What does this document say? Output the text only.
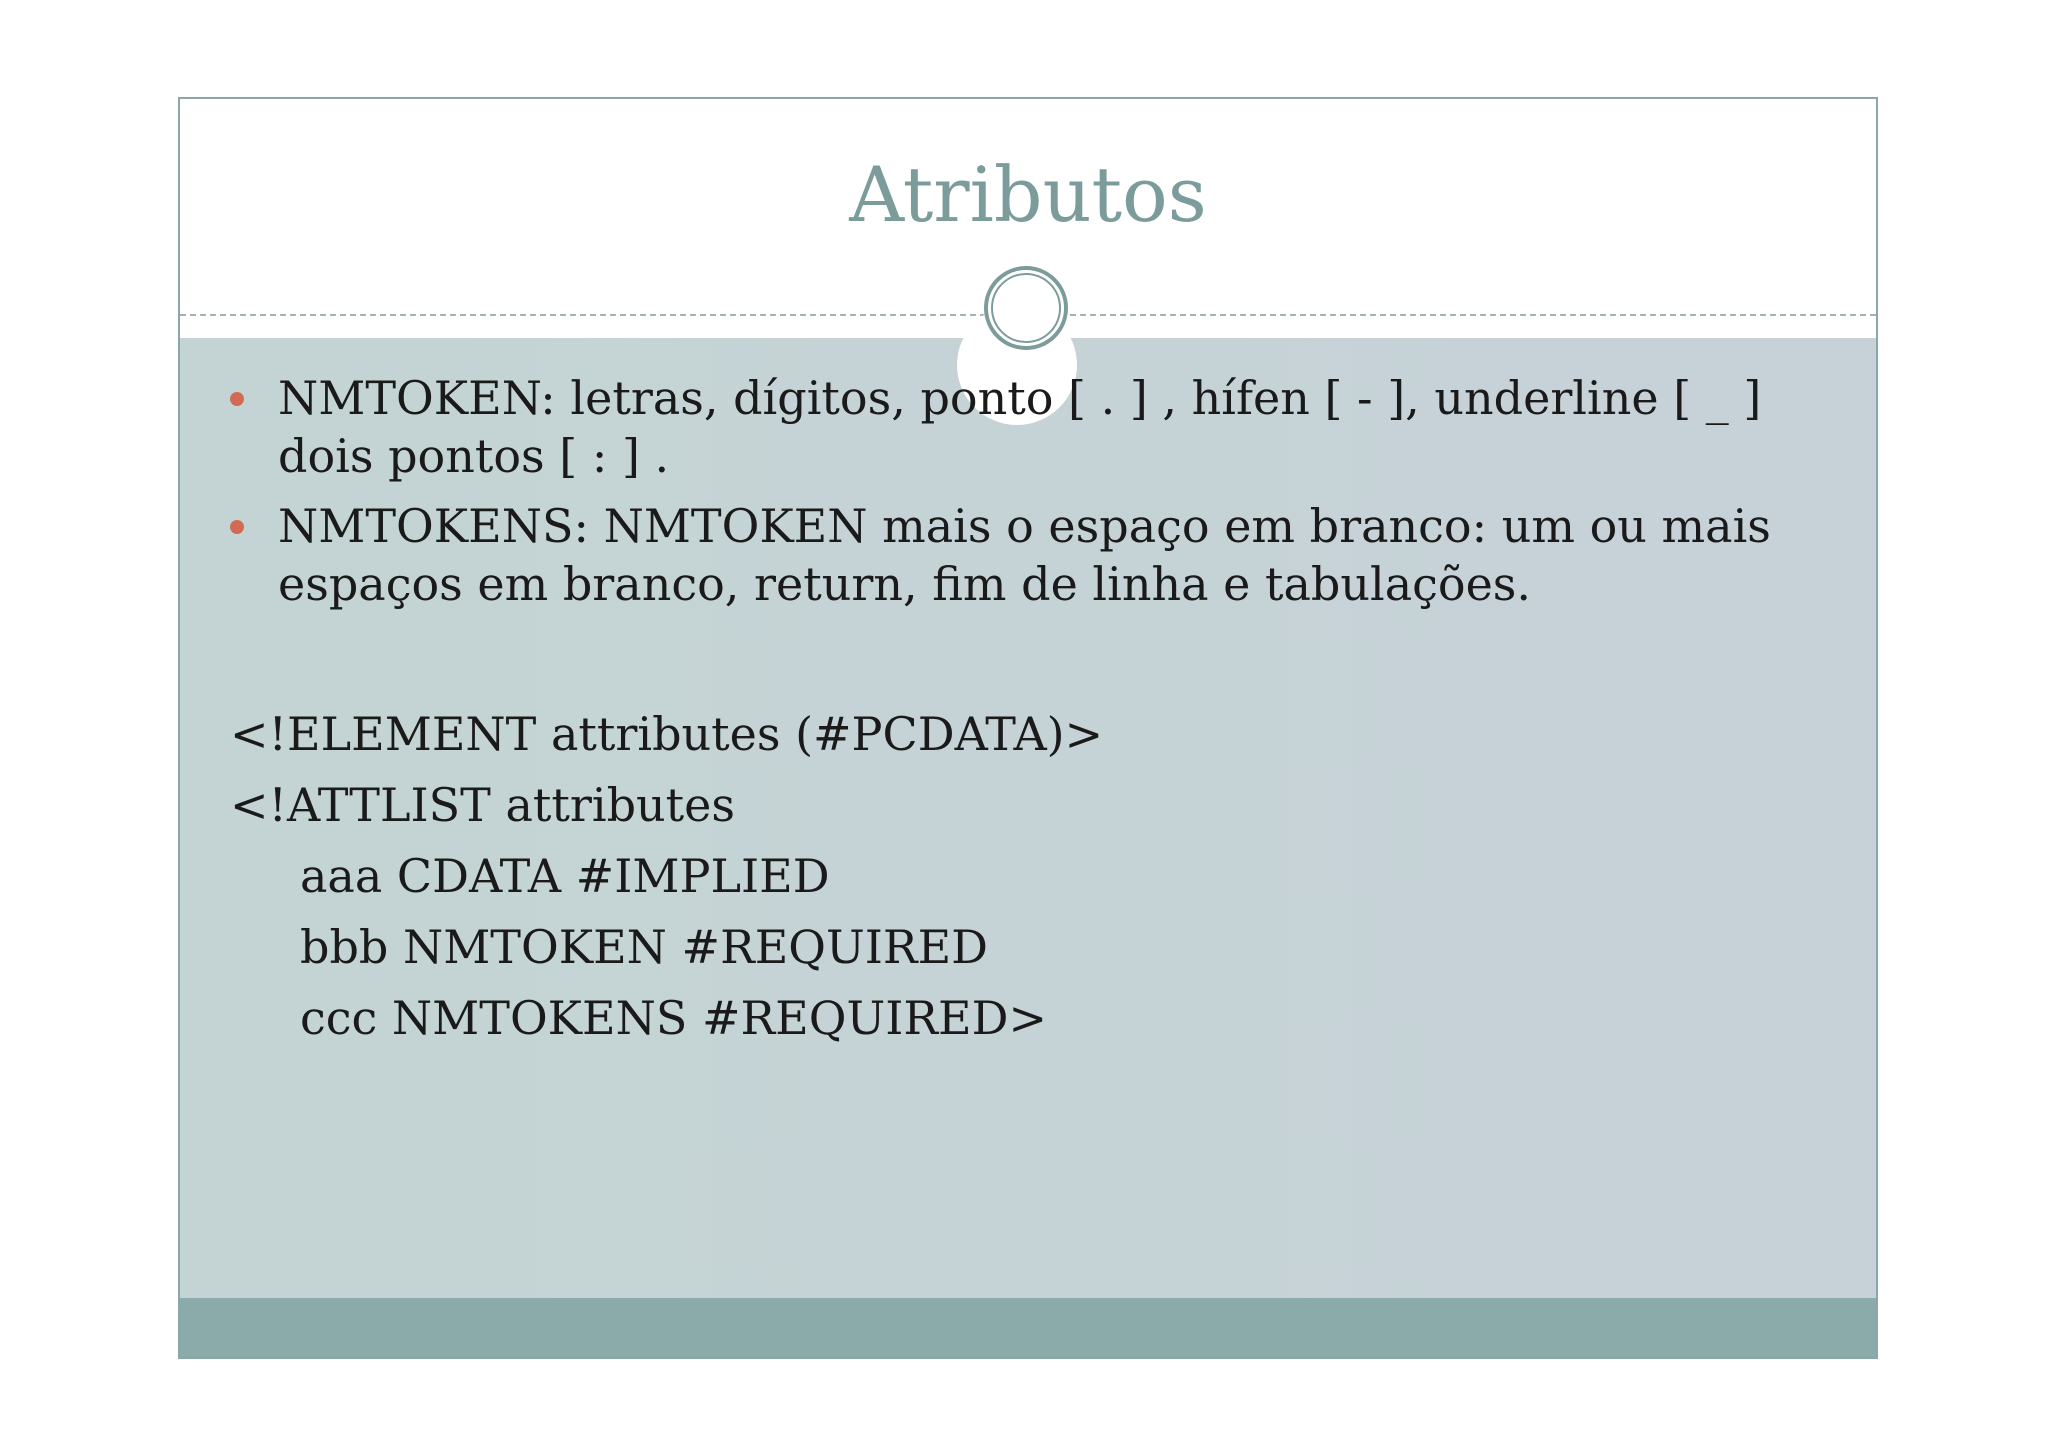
Atributos
NMTOKEN: letras, dígitos, ponto [ . ] , hífen [ - ], underline [ _ ] dois pontos [ : ] .
NMTOKENS: NMTOKEN mais o espaço em branco: um ou mais espaços em branco, return, fim de linha e tabulações.
<!ELEMENT attributes (#PCDATA)>
<!ATTLIST attributes
aaa CDATA #IMPLIED
bbb NMTOKEN #REQUIRED
ccc NMTOKENS #REQUIRED>
